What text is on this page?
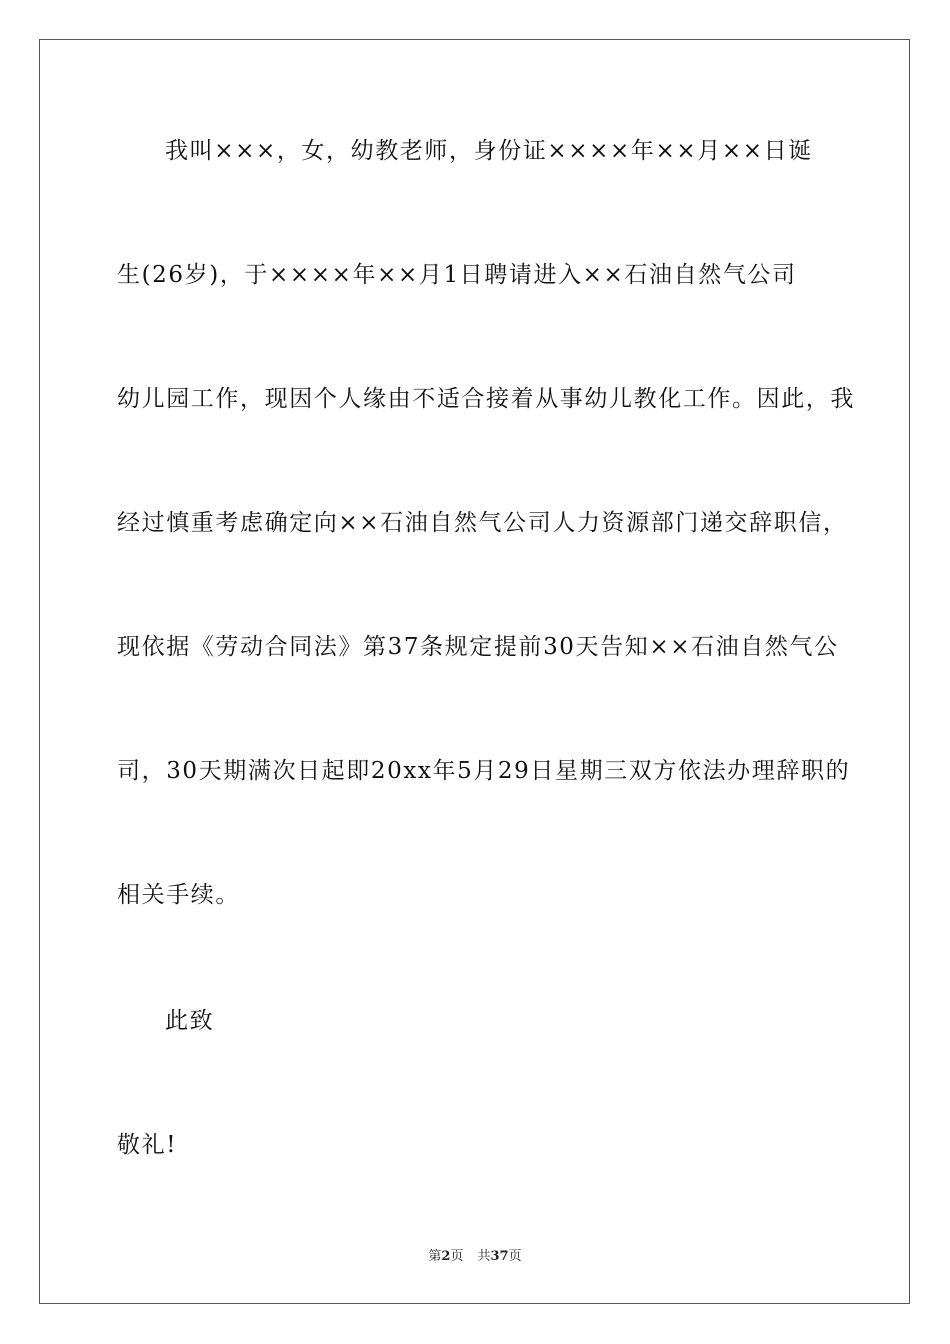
我叫×××，女，幼教老师，身份证××××年××月××日诞
生(26岁)，于××××年××月1日聘请进入××石油自然气公司
幼儿园工作，现因个人缘由不适合接着从事幼儿教化工作。因此，我
经过慎重考虑确定向××石油自然气公司人力资源部门递交辞职信，
现依据《劳动合同法》第37条规定提前30天告知××石油自然气公
司，30天期满次日起即20xx年5月29日星期三双方依法办理辞职的
相关手续。
此致
敬礼!
第2页 共37页
